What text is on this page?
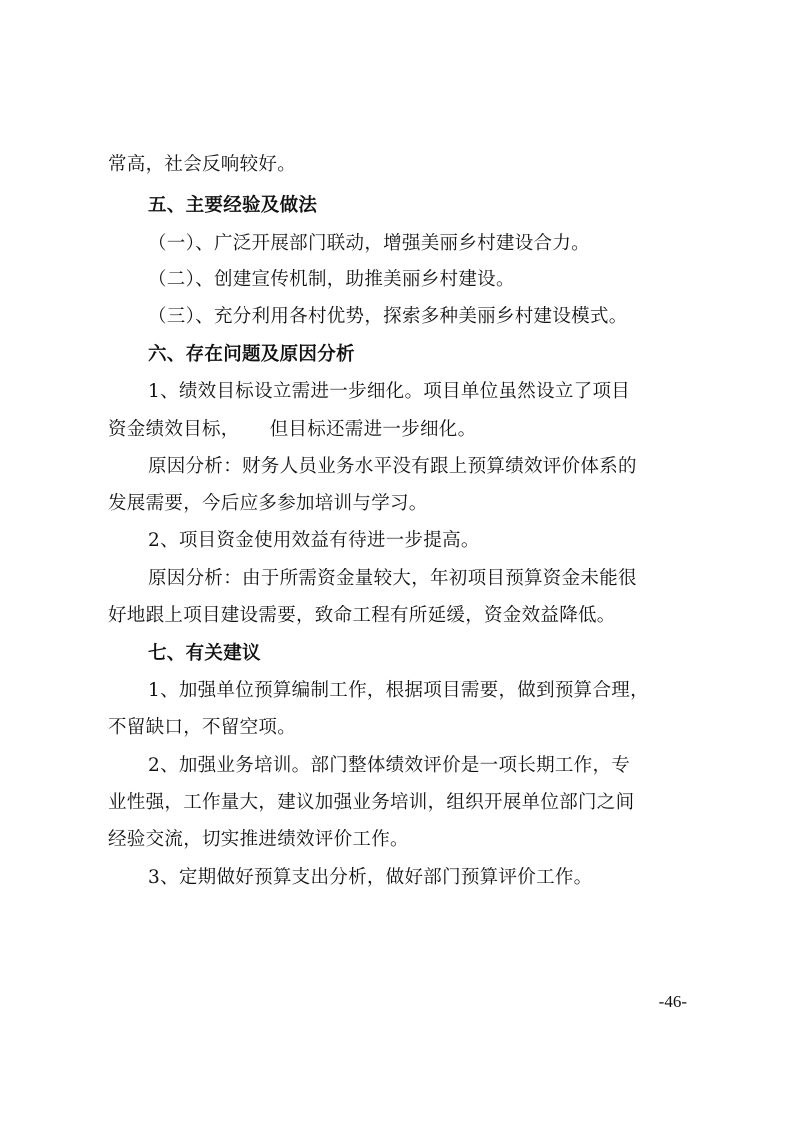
常高，社会反响较好。
五、主要经验及做法
（一）、广泛开展部门联动，增强美丽乡村建设合力。
（二）、创建宣传机制，助推美丽乡村建设。
（三）、充分利用各村优势，探索多种美丽乡村建设模式。
六、存在问题及原因分析
1、绩效目标设立需进一步细化。项目单位虽然设立了项目
资金绩效目标， 但目标还需进一步细化。
原因分析：财务人员业务水平没有跟上预算绩效评价体系的
发展需要，今后应多参加培训与学习。
2、项目资金使用效益有待进一步提高。
原因分析：由于所需资金量较大，年初项目预算资金未能很
好地跟上项目建设需要，致命工程有所延缓，资金效益降低。
七、有关建议
1、加强单位预算编制工作，根据项目需要，做到预算合理，
不留缺口，不留空项。
2、加强业务培训。部门整体绩效评价是一项长期工作，专
业性强，工作量大，建议加强业务培训，组织开展单位部门之间
经验交流，切实推进绩效评价工作。
3、定期做好预算支出分析，做好部门预算评价工作。
-46-
